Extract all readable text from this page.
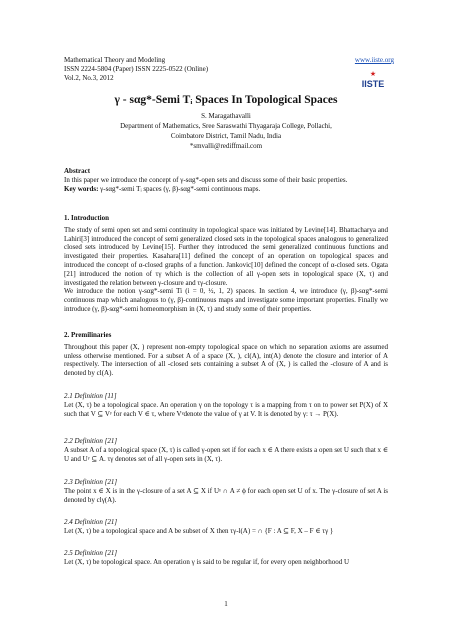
Mathematical Theory and Modeling
ISSN 2224-5804 (Paper) ISSN 2225-0522 (Online)
Vol.2, No.3, 2012
www.iiste.org
★
IISTE
γ - sαg*-Semi Tᵢ Spaces In Topological Spaces
S. Maragathavalli
Department of Mathematics, Sree Saraswathi Thyagaraja College, Pollachi,
Coimbatore District, Tamil Nadu, India
*smvalli@rediffmail.com
Abstract
In this paper we introduce the concept of γ-sαg*-open sets and discuss some of their basic properties.
Key words: γ-sαg*-semi Tᵢ spaces (γ, β)-sαg*-semi continuous maps.
1. Introduction
The study of semi open set and semi continuity in topological space was initiated by Levine[14]. Bhattacharya and Lahiri[3] introduced the concept of semi generalized closed sets in the topological spaces analogous to generalized closed sets introduced by Levine[15]. Further they introduced the semi generalized continuous functions and investigated their properties. Kasahara[11] defined the concept of an operation on topological spaces and introduced the concept of α-closed graphs of a function. Jankovic[10] defined the concept of α-closed sets. Ogata [21] introduced the notion of τγ which is the collection of all γ-open sets in topological space (X, τ) and investigated the relation between γ-closure and τγ-closure.
We introduce the notion γ-sαg*-semi Ti (i = 0, ½, 1, 2) spaces. In section 4, we introduce (γ, β)-sαg*-semi continuous map which analogous to (γ, β)-continuous maps and investigate some important properties. Finally we introduce (γ, β)-sαg*-semi homeomorphism in (X, τ) and study some of their properties.
2. Premilinaries
Throughout this paper (X, ) represent non-empty topological space on which no separation axioms are assumed unless otherwise mentioned. For a subset A of a space (X, ), cl(A), int(A) denote the closure and interior of A respectively. The intersection of all -closed sets containing a subset A of (X, ) is called the -closure of A and is denoted by cl(A).
2.1 Definition [11]
Let (X, τ) be a topological space. An operation γ on the topology τ is a mapping from τ on to power set P(X) of X such that V ⊆ Vᵞ for each V ∈ τ, where Vᵞdenote the value of γ at V. It is denoted by γ: τ → P(X).
2.2 Definition [21]
A subset A of a topological space (X, τ) is called γ-open set if for each x ∈ A there exists a open set U such that x ∈ U and Uᵞ ⊆ A. τγ denotes set of all γ-open sets in (X, τ).
2.3 Definition [21]
The point x ∈ X is in the γ-closure of a set A ⊆ X if Uᵞ ∩ A ≠ ϕ for each open set U of x. The γ-closure of set A is denoted by clγ(A).
2.4 Definition [21]
Let (X, τ) be a topological space and A be subset of X then τγ-l(A) = ∩ {F : A ⊆ F, X – F ∈ τγ }
2.5 Definition [21]
Let (X, τ) be topological space. An operation γ is said to be regular if, for every open neighborhood U
1
